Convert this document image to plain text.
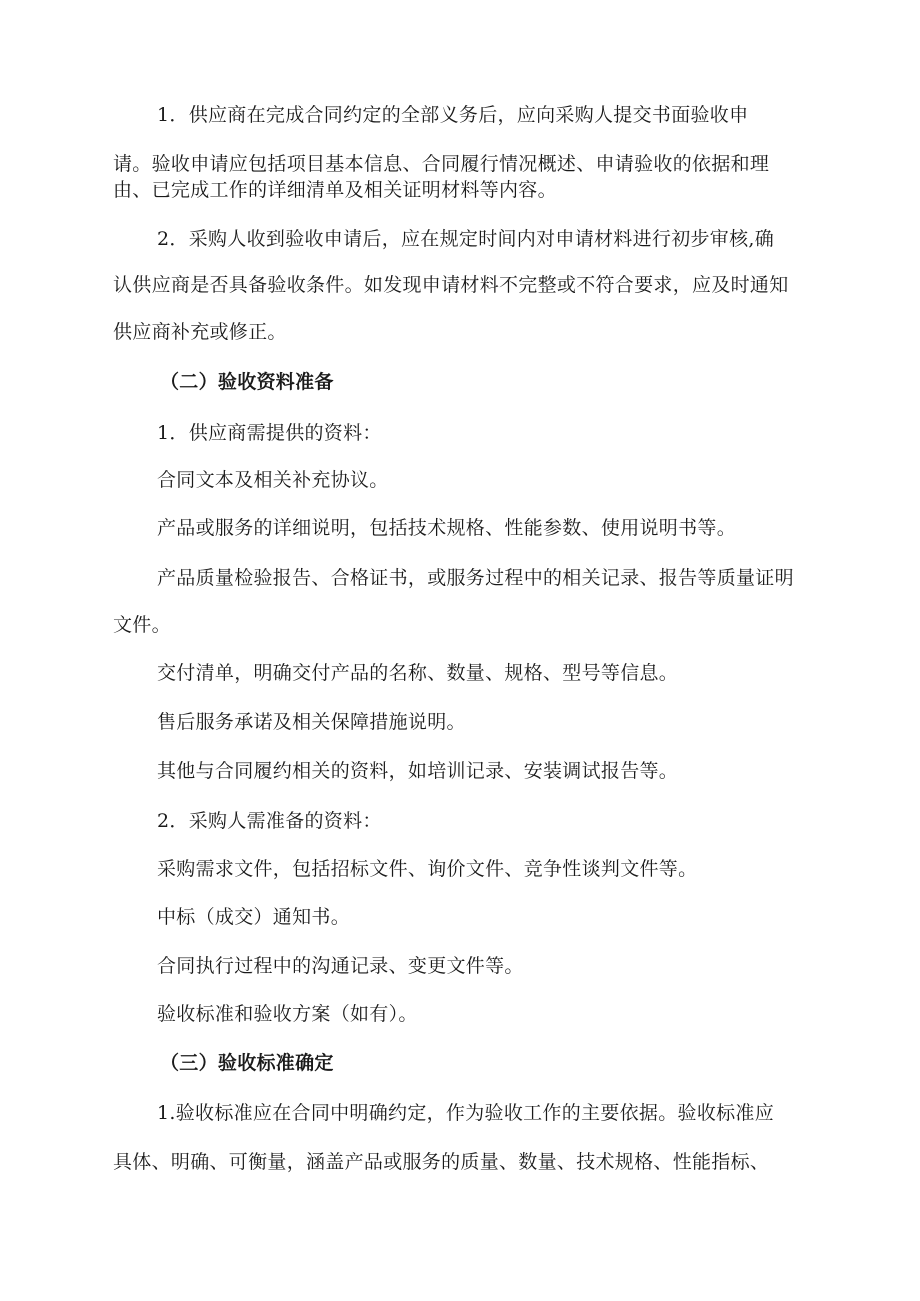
1．供应商在完成合同约定的全部义务后，应向采购人提交书面验收申
请。验收申请应包括项目基本信息、合同履行情况概述、申请验收的依据和理
由、已完成工作的详细清单及相关证明材料等内容。
2．采购人收到验收申请后，应在规定时间内对申请材料进行初步审核,确
认供应商是否具备验收条件。如发现申请材料不完整或不符合要求，应及时通知
供应商补充或修正。
（二）验收资料准备
1．供应商需提供的资料：
合同文本及相关补充协议。
产品或服务的详细说明，包括技术规格、性能参数、使用说明书等。
产品质量检验报告、合格证书，或服务过程中的相关记录、报告等质量证明
文件。
交付清单，明确交付产品的名称、数量、规格、型号等信息。
售后服务承诺及相关保障措施说明。
其他与合同履约相关的资料，如培训记录、安装调试报告等。
2．采购人需准备的资料：
采购需求文件，包括招标文件、询价文件、竞争性谈判文件等。
中标（成交）通知书。
合同执行过程中的沟通记录、变更文件等。
验收标准和验收方案（如有）。
（三）验收标准确定
1.验收标准应在合同中明确约定，作为验收工作的主要依据。验收标准应
具体、明确、可衡量，涵盖产品或服务的质量、数量、技术规格、性能指标、
